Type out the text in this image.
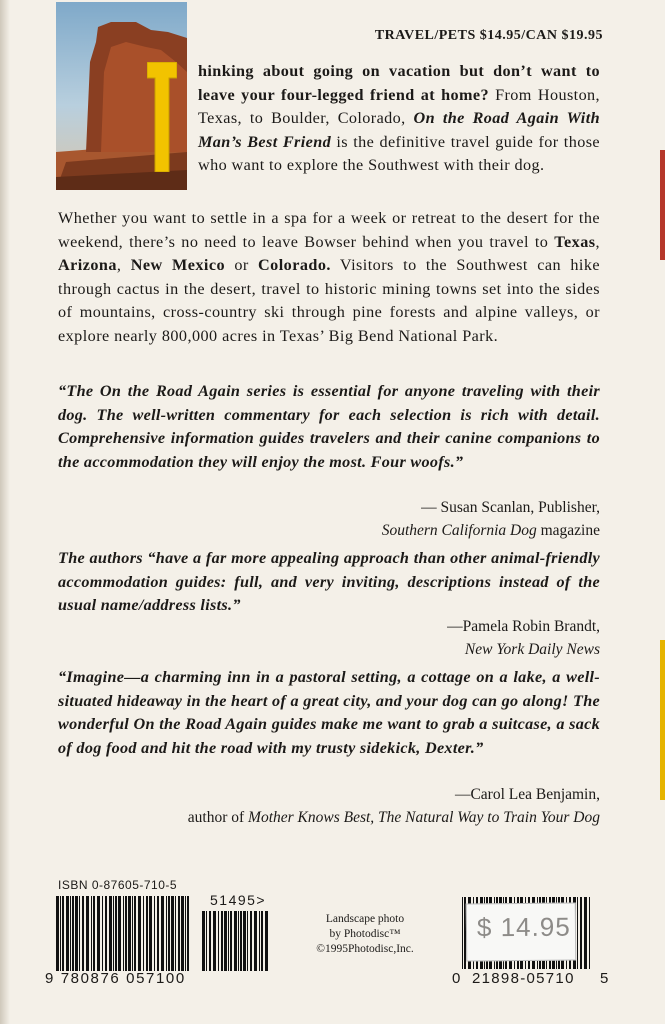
TRAVEL/PETS $14.95/CAN $19.95
hinking about going on vacation but don’t want to leave your four-legged friend at home? From Houston, Texas, to Boulder, Colorado, On the Road Again With Man’s Best Friend is the definitive travel guide for those who want to explore the Southwest with their dog.
Whether you want to settle in a spa for a week or retreat to the desert for the weekend, there’s no need to leave Bowser behind when you travel to Texas, Arizona, New Mexico or Colorado. Visitors to the Southwest can hike through cactus in the desert, travel to historic mining towns set into the sides of mountains, cross-country ski through pine forests and alpine valleys, or explore nearly 800,000 acres in Texas’ Big Bend National Park.
“The On the Road Again series is essential for anyone traveling with their dog. The well-written commentary for each selection is rich with detail. Comprehensive information guides travelers and their canine companions to the accommodation they will enjoy the most. Four woofs.”
— Susan Scanlan, Publisher,
Southern California Dog magazine
The authors “have a far more appealing approach than other animal-friendly accommodation guides: full, and very inviting, descriptions instead of the usual name/address lists.”
—Pamela Robin Brandt,
New York Daily News
“Imagine—a charming inn in a pastoral setting, a cottage on a lake, a well-situated hideaway in the heart of a great city, and your dog can go along! The wonderful On the Road Again guides make me want to grab a suitcase, a sack of dog food and hit the road with my trusty sidekick, Dexter.”
—Carol Lea Benjamin,
author of Mother Knows Best, The Natural Way to Train Your Dog
ISBN 0-87605-710-5
51495>
9 780876 057100
Landscape photo
by Photodisc™
©1995Photodisc,Inc.
$ 14.95
0 21898-05710 5
